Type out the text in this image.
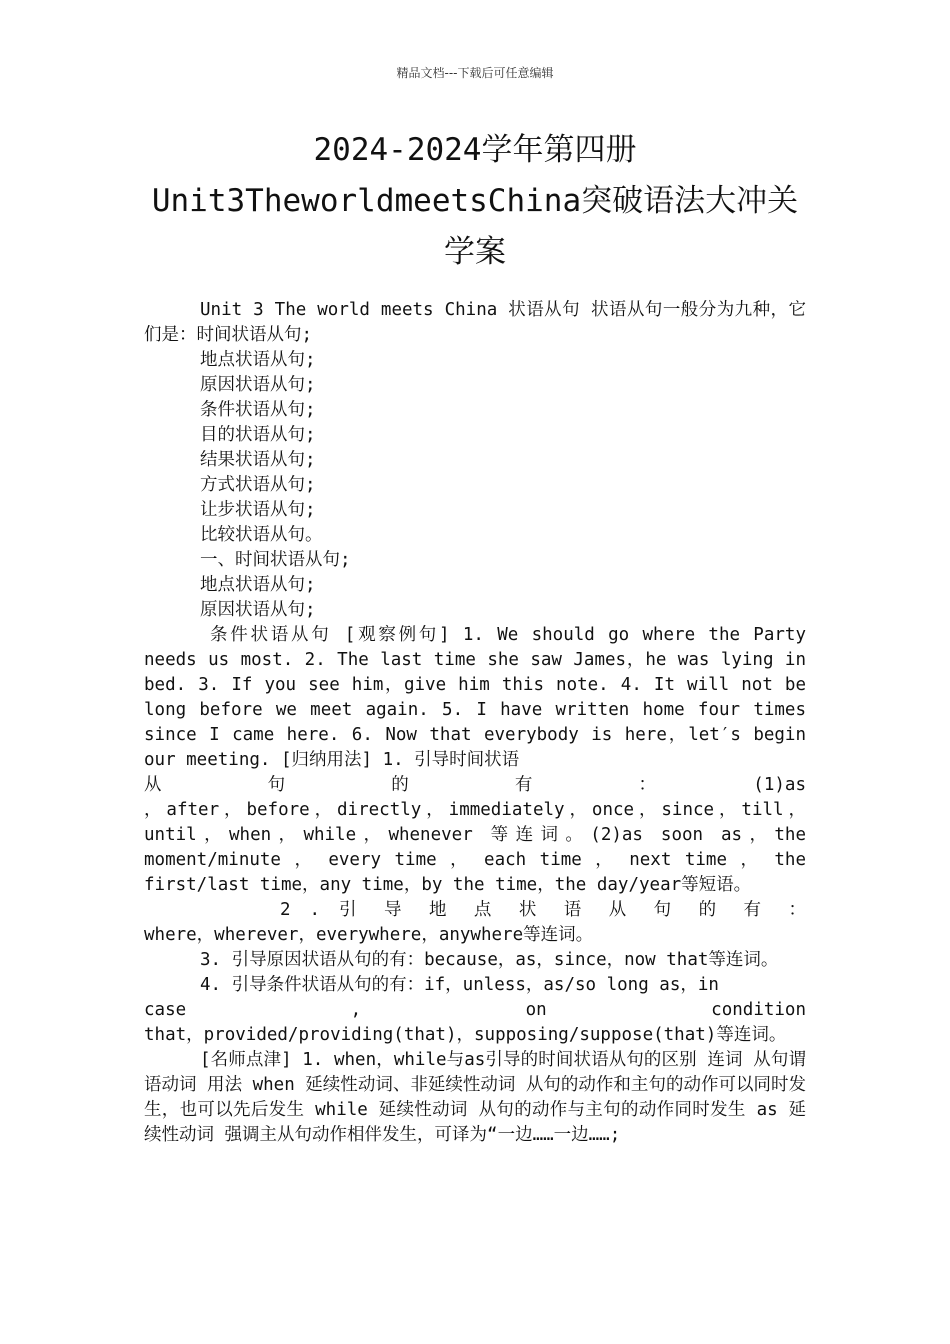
精品文档---下载后可任意编辑
2024-2024学年第四册
Unit3TheworldmeetsChina突破语法大冲关
学案

Unit 3 The world meets China 状语从句 状语从句一般分为九种，它们是：时间状语从句;

地点状语从句;
原因状语从句;
条件状语从句;
目的状语从句;
结果状语从句;
方式状语从句;
让步状语从句;
比较状语从句。
一、时间状语从句;
地点状语从句;
原因状语从句;

条件状语从句 [观察例句] 1. We should go where the Party needs us most. 2. The last time she saw James，he was lying in bed. 3. If you see him，give him this note. 4. It will not be long before we meet again. 5. I have written home four times since I came here. 6. Now that everybody is here，let′s begin our meeting. [归纳用法] 1. 引导时间状语

从　　句　　的　　有　　：　　(1)as

，after，before，directly，immediately，once，since，till，until，when，while，whenever 等连词。(2)as soon as，the moment/minute ， every time ， each time ， next time ， the first/last time，any time，by the time，the day/year等短语。

2 . 引 导 地 点 状 语 从 句 的 有 ：

where，wherever，everywhere，anywhere等连词。

3. 引导原因状语从句的有：because，as，since，now that等连词。

4. 引导条件状语从句的有：if，unless，as/so long as，in

case　　　　,　　　　on　　　　condition

that，provided/providing(that)，supposing/suppose(that)等连词。

[名师点津] 1. when，while与as引导的时间状语从句的区别 连词 从句谓语动词 用法 when 延续性动词、非延续性动词 从句的动作和主句的动作可以同时发生，也可以先后发生 while 延续性动词 从句的动作与主句的动作同时发生 as 延续性动词 强调主从句动作相伴发生，可译为“一边……一边……;
